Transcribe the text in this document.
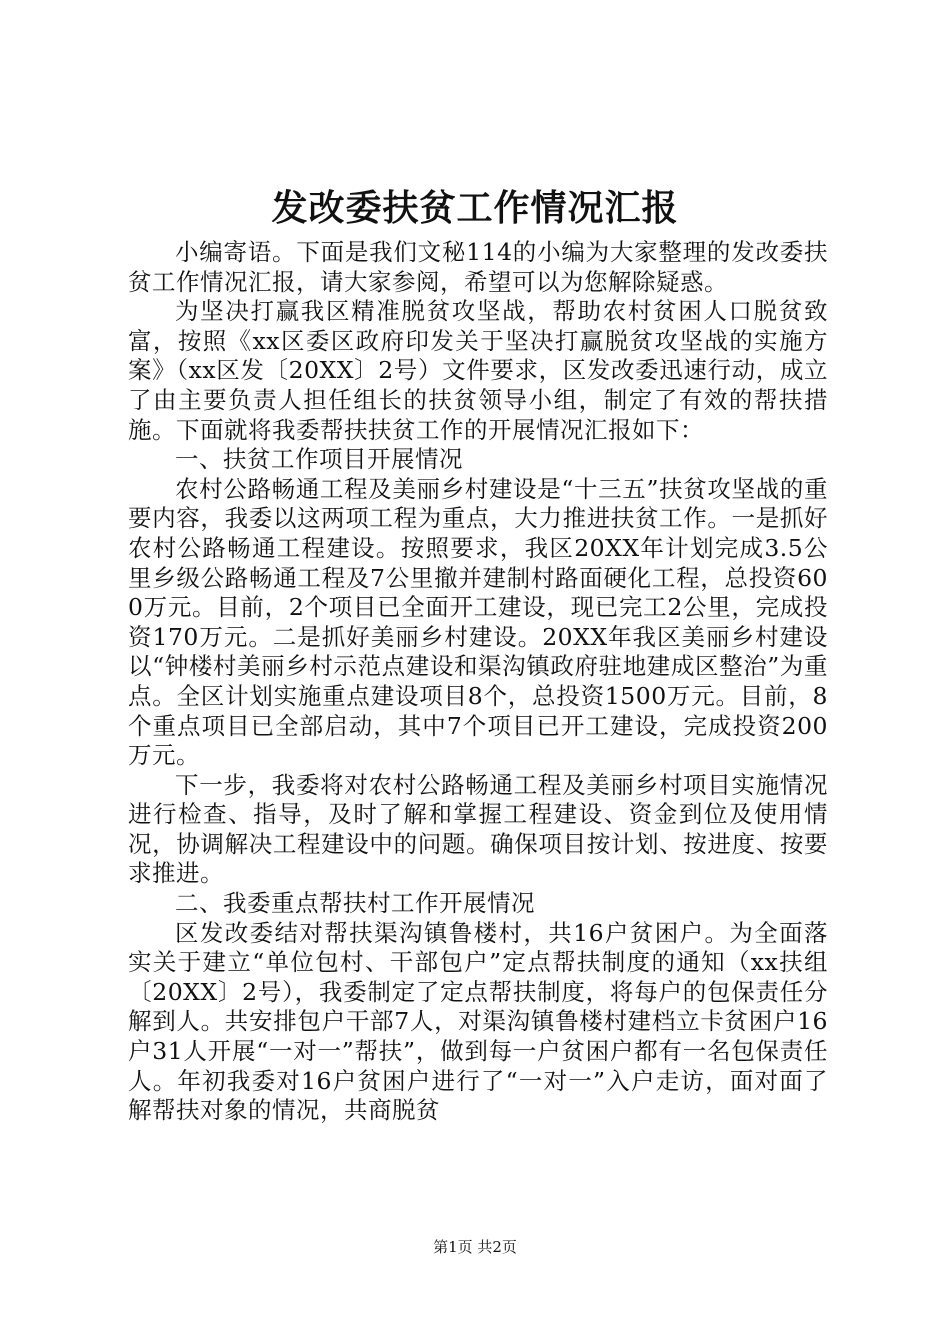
发改委扶贫工作情况汇报

小编寄语。下面是我们文秘114的小编为大家整理的发改委扶贫工作情况汇报，请大家参阅，希望可以为您解除疑惑。

为坚决打赢我区精准脱贫攻坚战，帮助农村贫困人口脱贫致富，按照《xx区委区政府印发关于坚决打赢脱贫攻坚战的实施方案》（xx区发〔20XX〕2号）文件要求，区发改委迅速行动，成立了由主要负责人担任组长的扶贫领导小组，制定了有效的帮扶措施。下面就将我委帮扶扶贫工作的开展情况汇报如下：

一、扶贫工作项目开展情况

农村公路畅通工程及美丽乡村建设是“十三五”扶贫攻坚战的重要内容，我委以这两项工程为重点，大力推进扶贫工作。一是抓好农村公路畅通工程建设。按照要求，我区20XX年计划完成3.5公里乡级公路畅通工程及7公里撤并建制村路面硬化工程，总投资600万元。目前，2个项目已全面开工建设，现已完工2公里，完成投资170万元。二是抓好美丽乡村建设。20XX年我区美丽乡村建设以“钟楼村美丽乡村示范点建设和渠沟镇政府驻地建成区整治”为重点。全区计划实施重点建设项目8个，总投资1500万元。目前，8个重点项目已全部启动，其中7个项目已开工建设，完成投资200万元。

下一步，我委将对农村公路畅通工程及美丽乡村项目实施情况进行检查、指导，及时了解和掌握工程建设、资金到位及使用情况，协调解决工程建设中的问题。确保项目按计划、按进度、按要求推进。

二、我委重点帮扶村工作开展情况

区发改委结对帮扶渠沟镇鲁楼村，共16户贫困户。为全面落实关于建立“单位包村、干部包户”定点帮扶制度的通知（xx扶组〔20XX〕2号），我委制定了定点帮扶制度，将每户的包保责任分解到人。共安排包户干部7人，对渠沟镇鲁楼村建档立卡贫困户16户31人开展“一对一”帮扶”，做到每一户贫困户都有一名包保责任人。年初我委对16户贫困户进行了“一对一”入户走访，面对面了解帮扶对象的情况，共商脱贫

第1页 共2页
